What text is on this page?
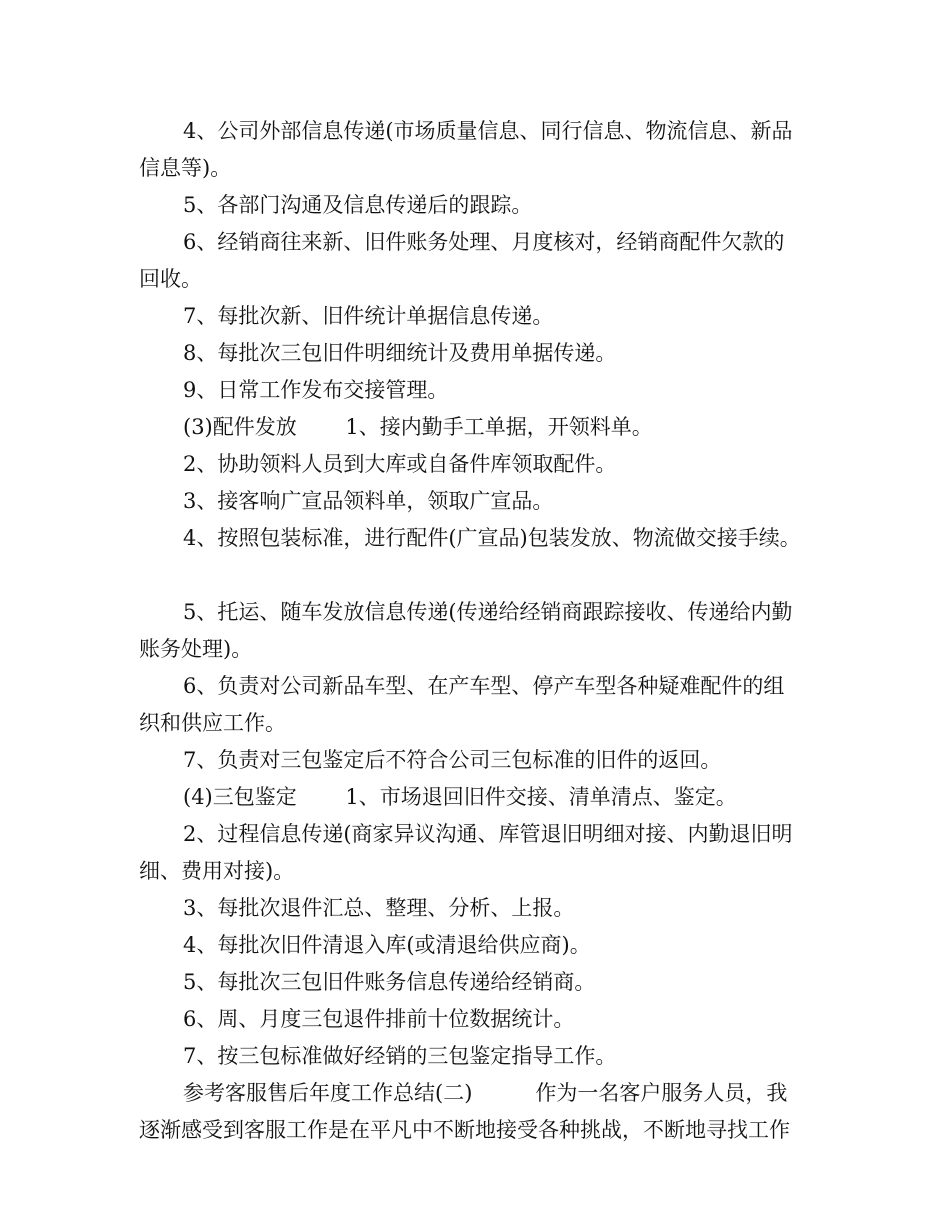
4、公司外部信息传递(市场质量信息、同行信息、物流信息、新品

信息等)。

5、各部门沟通及信息传递后的跟踪。

6、经销商往来新、旧件账务处理、月度核对，经销商配件欠款的

回收。

7、每批次新、旧件统计单据信息传递。

8、每批次三包旧件明细统计及费用单据传递。

9、日常工作发布交接管理。

(3)配件发放　　 1、接内勤手工单据，开领料单。

2、协助领料人员到大库或自备件库领取配件。

3、接客响广宣品领料单，领取广宣品。

4、按照包装标准，进行配件(广宣品)包装发放、物流做交接手续。

5、托运、随车发放信息传递(传递给经销商跟踪接收、传递给内勤

账务处理)。

6、负责对公司新品车型、在产车型、停产车型各种疑难配件的组

织和供应工作。

7、负责对三包鉴定后不符合公司三包标准的旧件的返回。

(4)三包鉴定　　 1、市场退回旧件交接、清单清点、鉴定。

2、过程信息传递(商家异议沟通、库管退旧明细对接、内勤退旧明

细、费用对接)。

3、每批次退件汇总、整理、分析、上报。

4、每批次旧件清退入库(或清退给供应商)。

5、每批次三包旧件账务信息传递给经销商。

6、周、月度三包退件排前十位数据统计。

7、按三包标准做好经销的三包鉴定指导工作。

参考客服售后年度工作总结(二)　　　作为一名客户服务人员，我

逐渐感受到客服工作是在平凡中不断地接受各种挑战，不断地寻找工作
